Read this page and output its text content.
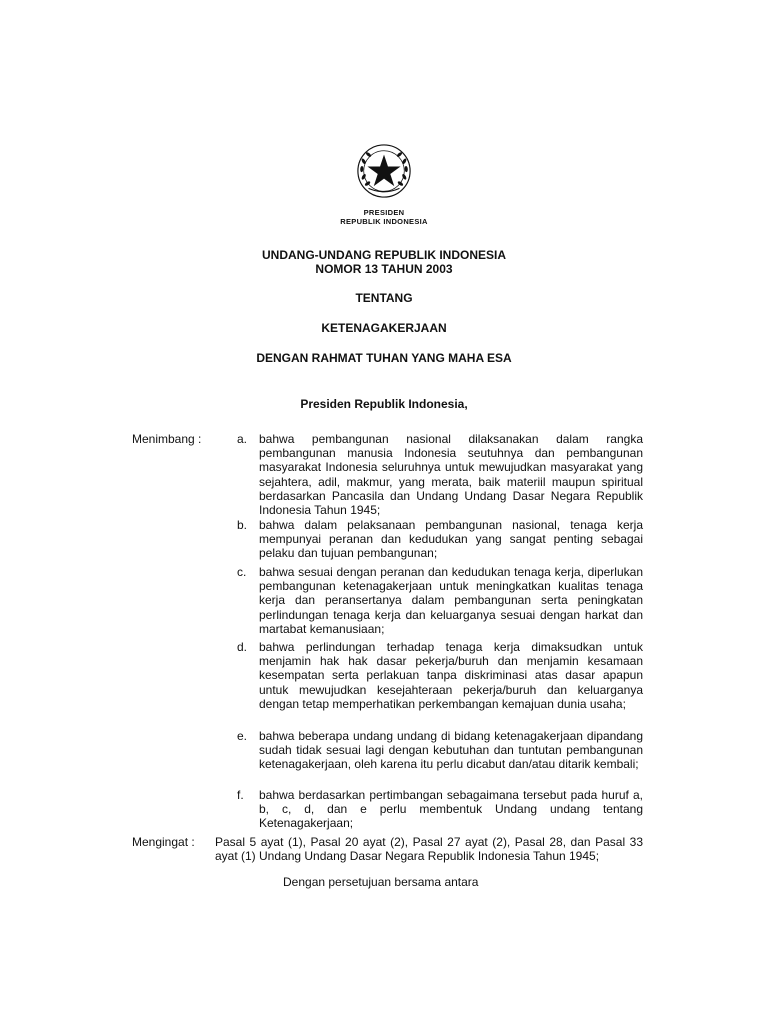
PRESIDEN
REPUBLIK INDONESIA
UNDANG-UNDANG REPUBLIK INDONESIA
NOMOR 13 TAHUN 2003
TENTANG
KETENAGAKERJAAN
DENGAN RAHMAT TUHAN YANG MAHA ESA
Presiden Republik Indonesia,
Menimbang :	a. bahwa pembangunan nasional dilaksanakan dalam rangka pembangunan manusia Indonesia seutuhnya dan pembangunan masyarakat Indonesia seluruhnya untuk mewujudkan masyarakat yang sejahtera, adil, makmur, yang merata, baik materiil maupun spiritual berdasarkan Pancasila dan Undang Undang Dasar Negara Republik Indonesia Tahun 1945;
b. bahwa dalam pelaksanaan pembangunan nasional, tenaga kerja mempunyai peranan dan kedudukan yang sangat penting sebagai pelaku dan tujuan pembangunan;
c. bahwa sesuai dengan peranan dan kedudukan tenaga kerja, diperlukan pembangunan ketenagakerjaan untuk meningkatkan kualitas tenaga kerja dan peransertanya dalam pembangunan serta peningkatan perlindungan tenaga kerja dan keluarganya sesuai dengan harkat dan martabat kemanusiaan;
d. bahwa perlindungan terhadap tenaga kerja dimaksudkan untuk menjamin hak hak dasar pekerja/buruh dan menjamin kesamaan kesempatan serta perlakuan tanpa diskriminasi atas dasar apapun untuk mewujudkan kesejahteraan pekerja/buruh dan keluarganya dengan tetap memperhatikan perkembangan kemajuan dunia usaha;
e. bahwa beberapa undang undang di bidang ketenagakerjaan dipandang sudah tidak sesuai lagi dengan kebutuhan dan tuntutan pembangunan ketenagakerjaan, oleh karena itu perlu dicabut dan/atau ditarik kembali;
f. bahwa berdasarkan pertimbangan sebagaimana tersebut pada huruf a, b, c, d, dan e perlu membentuk Undang undang tentang Ketenagakerjaan;
Mengingat : Pasal 5 ayat (1), Pasal 20 ayat (2), Pasal 27 ayat (2), Pasal 28, dan Pasal 33 ayat (1) Undang Undang Dasar Negara Republik Indonesia Tahun 1945;
Dengan persetujuan bersama antara
